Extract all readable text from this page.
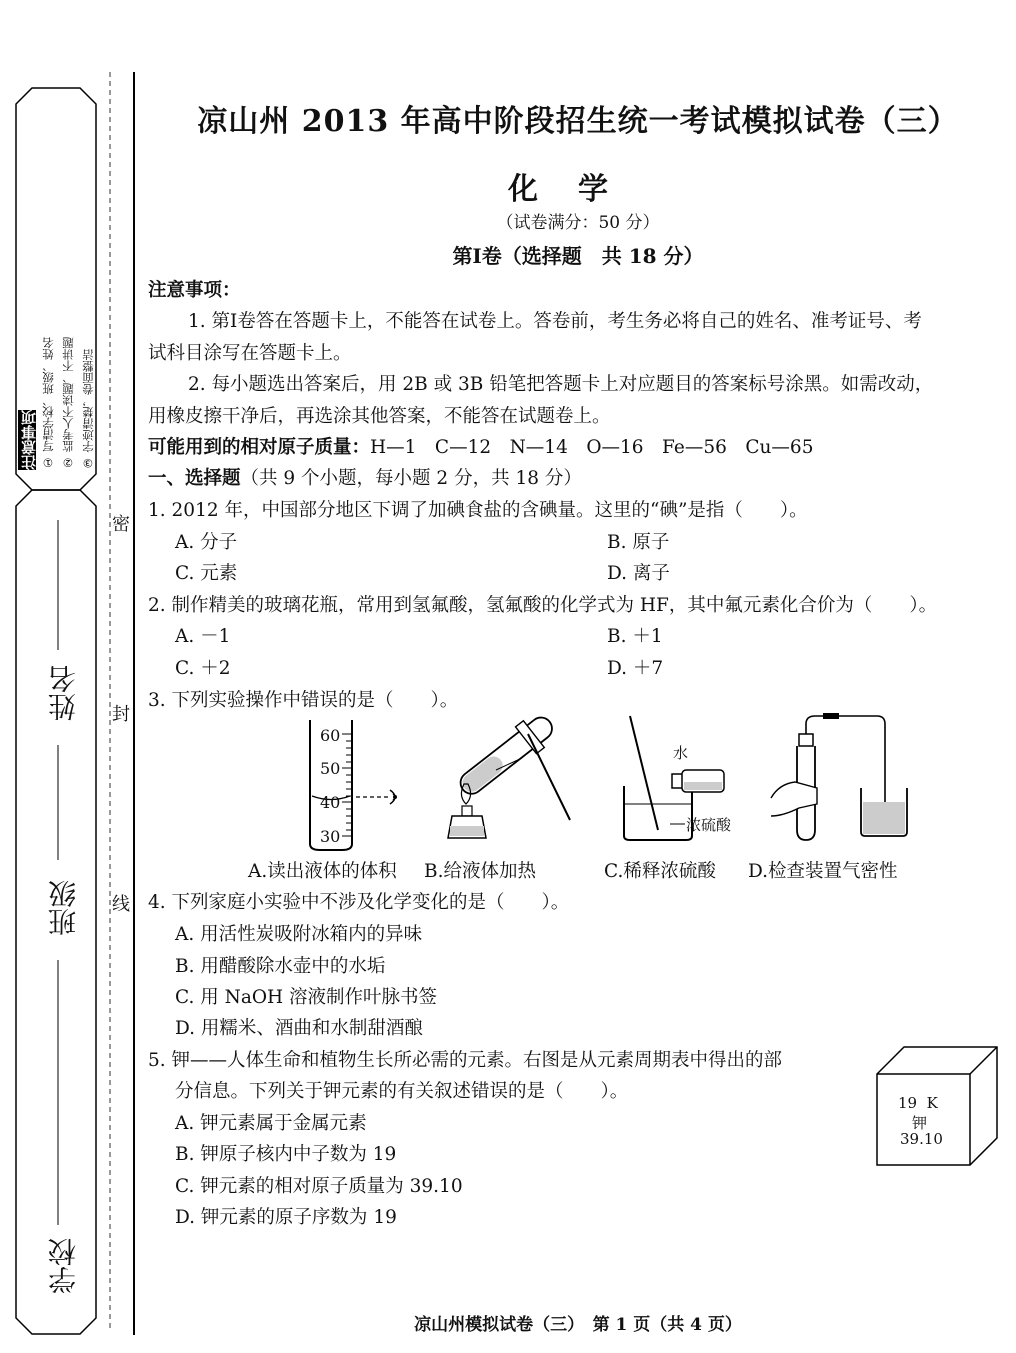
注意事项 ① 写清学校、班级、姓名 ② 监考人不读题、不讲题 ③ 字迹清楚，卷面整洁
姓名
班级
学校
密
封
线
凉山州 2013 年高中阶段招生统一考试模拟试卷（三）
化学
（试卷满分：50 分）
第Ⅰ卷（选择题　共 18 分）
注意事项：
1. 第Ⅰ卷答在答题卡上，不能答在试卷上。答卷前，考生务必将自己的姓名、准考证号、考
试科目涂写在答题卡上。
2. 每小题选出答案后，用 2B 或 3B 铅笔把答题卡上对应题目的答案标号涂黑。如需改动，
用橡皮擦干净后，再选涂其他答案，不能答在试题卷上。
可能用到的相对原子质量：H—1　C—12　N—14　O—16　Fe—56　Cu—65
一、选择题（共 9 个小题，每小题 2 分，共 18 分）
1. 2012 年，中国部分地区下调了加碘食盐的含碘量。这里的“碘”是指（　　）。
A. 分子	B. 原子
C. 元素	D. 离子
2. 制作精美的玻璃花瓶，常用到氢氟酸，氢氟酸的化学式为 HF，其中氟元素化合价为（　　）。
A. －1	B. ＋1
C. ＋2	D. ＋7
3. 下列实验操作中错误的是（　　）。
60
50
40
30
水
浓硫酸
A.读出液体的体积 B.给液体加热	C.稀释浓硫酸 D.检查装置气密性
4. 下列家庭小实验中不涉及化学变化的是（　　）。
A. 用活性炭吸附冰箱内的异味
B. 用醋酸除水壶中的水垢
C. 用 NaOH 溶液制作叶脉书签
D. 用糯米、酒曲和水制甜酒酿
5. 钾——人体生命和植物生长所必需的元素。右图是从元素周期表中得出的部
分信息。下列关于钾元素的有关叙述错误的是（　　）。
A. 钾元素属于金属元素
B. 钾原子核内中子数为 19
C. 钾元素的相对原子质量为 39.10
D. 钾元素的原子序数为 19
19 K
钾
39.10
凉山州模拟试卷（三）　第 1 页（共 4 页）
